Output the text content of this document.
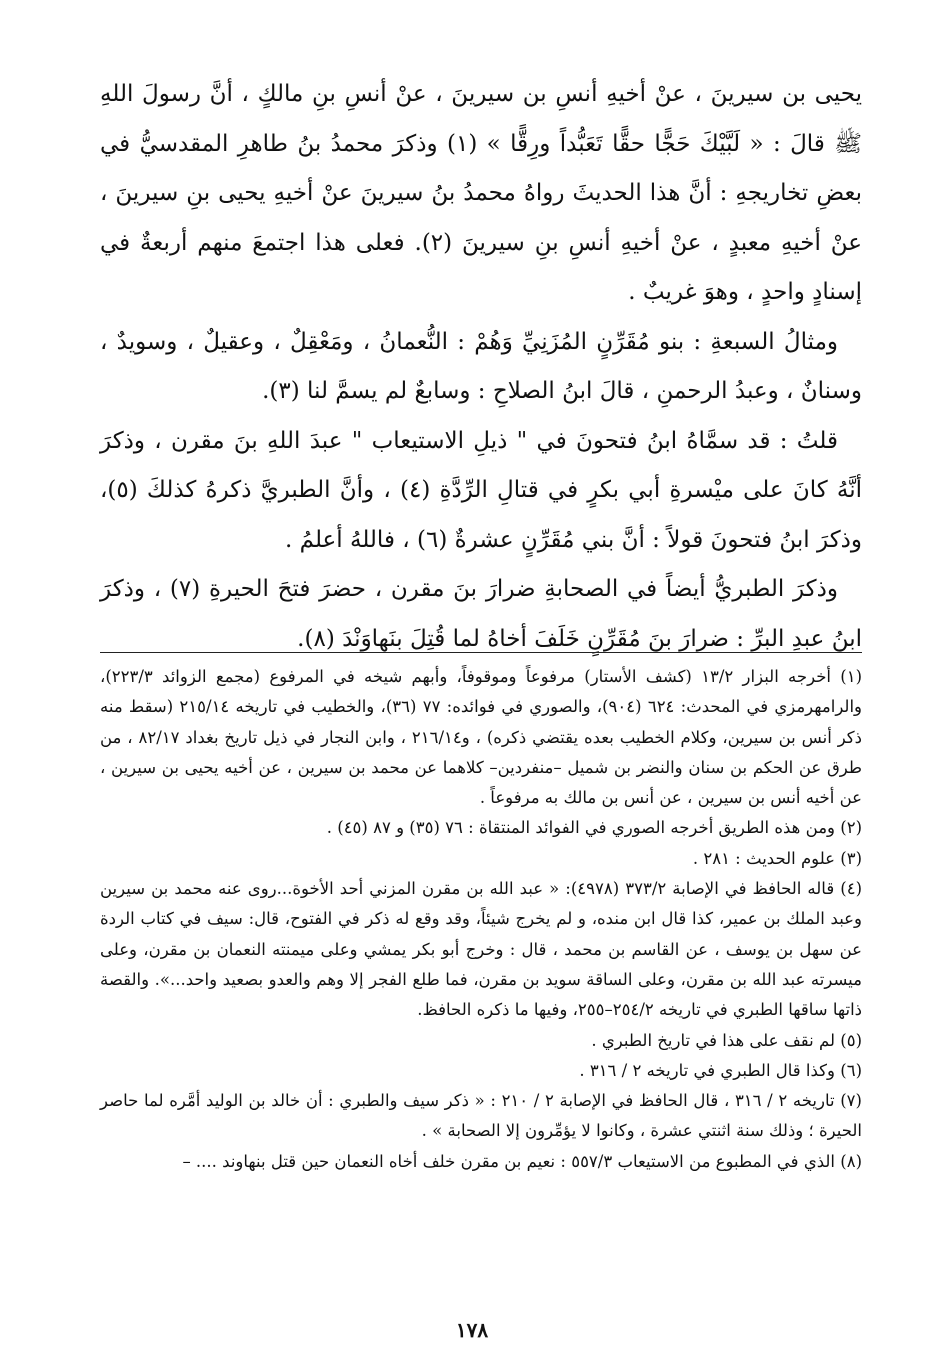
يحيى بن سيرينَ ، عنْ أخيهِ أنسِ بن سيرينَ ، عنْ أنسِ بنِ مالكٍ ، أنَّ رسولَ اللهِ ﷺ قالَ : « لَبَّيْكَ حَجًّا حقًّا تَعَبُّداً ورِقًّا » (١) وذكرَ محمدُ بنُ طاهرِ المقدسيُّ في بعضِ تخاريجهِ : أنَّ هذا الحديثَ رواهُ محمدُ بنُ سيرينَ عنْ أخيهِ يحيى بنِ سيرينَ ، عنْ أخيهِ معبدٍ ، عنْ أخيهِ أنسِ بنِ سيرينَ (٢). فعلى هذا اجتمعَ منهم أربعةٌ في إسنادٍ واحدٍ ، وهوَ غريبٌ .

ومثالُ السبعةِ : بنو مُقَرِّنٍ المُزَنِيِّ وَهُمْ : النُّعمانُ ، ومَعْقِلٌ ، وعقيلٌ ، وسويدٌ ، وسنانٌ ، وعبدُ الرحمنِ ، قالَ ابنُ الصلاحِ : وسابعٌ لم يسمَّ لنا (٣).

قلتُ : قد سمَّاهُ ابنُ فتحونَ في " ذيلِ الاستيعاب " عبدَ اللهِ بنَ مقرن ، وذكرَ أنَّهُ كانَ على ميْسرةِ أبي بكرٍ في قتالِ الرِّدَّةِ (٤) ، وأنَّ الطبريَّ ذكرهُ كذلكَ (٥)، وذكرَ ابنُ فتحونَ قولاً : أنَّ بني مُقَرِّنٍ عشرةٌ (٦) ، فاللهُ أعلمُ .

وذكرَ الطبريُّ أيضاً في الصحابةِ ضرارَ بنَ مقرن ، حضرَ فتحَ الحيرةِ (٧) ، وذكرَ ابنُ عبدِ البرِّ : ضرارَ بنَ مُقَرِّنٍ خَلَفَ أخاهُ لما قُتِلَ بنَهاوَنْدَ (٨).

(١) أخرجه البزار ١٣/٢ (كشف الأستار) مرفوعاً وموقوفاً، وأبهم شيخه في المرفوع (مجمع الزوائد ٢٢٣/٣)، والرامهرمزي في المحدث: ٦٢٤ (٩٠٤)، والصوري في فوائده: ٧٧ (٣٦)، والخطيب في تاريخه ٢١٥/١٤ (سقط منه ذكر أنس بن سيرين، وكلام الخطيب بعده يقتضي ذكره) ، و٢١٦/١٤ ، وابن النجار في ذيل تاريخ بغداد ٨٢/١٧ ، من طرق عن الحكم بن سنان والنضر بن شميل –منفردين– كلاهما عن محمد بن سيرين ، عن أخيه يحيى بن سيرين ، عن أخيه أنس بن سيرين ، عن أنس بن مالك به مرفوعاً .

(٢) ومن هذه الطريق أخرجه الصوري في الفوائد المنتقاة : ٧٦ (٣٥) و ٨٧ (٤٥) .

(٣) علوم الحديث : ٢٨١ .

(٤) قاله الحافظ في الإصابة ٣٧٣/٢ (٤٩٧٨): « عبد الله بن مقرن المزني أحد الأخوة...روى عنه محمد بن سيرين وعبد الملك بن عمير، كذا قال ابن منده، و لم يخرج شيئاً، وقد وقع له ذكر في الفتوح، قال: سيف في كتاب الردة عن سهل بن يوسف ، عن القاسم بن محمد ، قال : وخرج أبو بكر يمشي وعلى ميمنته النعمان بن مقرن، وعلى ميسرته عبد الله بن مقرن، وعلى الساقة سويد بن مقرن، فما طلع الفجر إلا وهم والعدو بصعيد واحد...». والقصة ذاتها ساقها الطبري في تاريخه ٢٥٤/٢–٢٥٥، وفيها ما ذكره الحافظ.

(٥) لم نقف على هذا في تاريخ الطبري .

(٦) وكذا قال الطبري في تاريخه ٢ / ٣١٦ .

(٧) تاريخه ٢ / ٣١٦ ، قال الحافظ في الإصابة ٢ / ٢١٠ : « ذكر سيف والطبري : أن خالد بن الوليد أمَّره لما حاصر الحيرة ؛ وذلك سنة اثنتي عشرة ، وكانوا لا يؤمِّرون إلا الصحابة » .

(٨) الذي في المطبوع من الاستيعاب ٥٥٧/٣ : نعيم بن مقرن خلف أخاه النعمان حين قتل بنهاوند .... –

١٧٨
